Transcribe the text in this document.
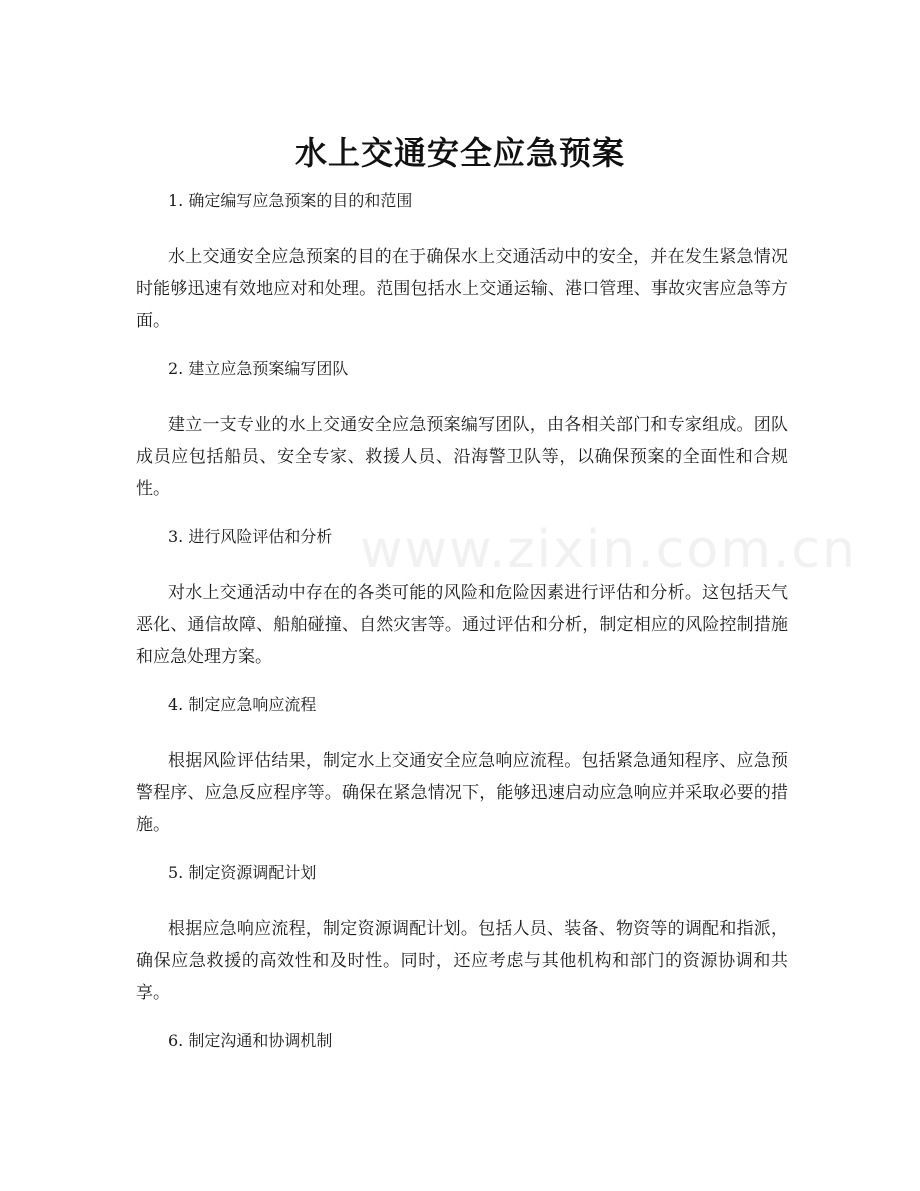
www.zixin.com.cn
水上交通安全应急预案

1. 确定编写应急预案的目的和范围

水上交通安全应急预案的目的在于确保水上交通活动中的安全，并在发生紧急情况时能够迅速有效地应对和处理。范围包括水上交通运输、港口管理、事故灾害应急等方面。

2. 建立应急预案编写团队

建立一支专业的水上交通安全应急预案编写团队，由各相关部门和专家组成。团队成员应包括船员、安全专家、救援人员、沿海警卫队等，以确保预案的全面性和合规性。

3. 进行风险评估和分析

对水上交通活动中存在的各类可能的风险和危险因素进行评估和分析。这包括天气恶化、通信故障、船舶碰撞、自然灾害等。通过评估和分析，制定相应的风险控制措施和应急处理方案。

4. 制定应急响应流程

根据风险评估结果，制定水上交通安全应急响应流程。包括紧急通知程序、应急预警程序、应急反应程序等。确保在紧急情况下，能够迅速启动应急响应并采取必要的措施。

5. 制定资源调配计划

根据应急响应流程，制定资源调配计划。包括人员、装备、物资等的调配和指派，确保应急救援的高效性和及时性。同时，还应考虑与其他机构和部门的资源协调和共享。

6. 制定沟通和协调机制
